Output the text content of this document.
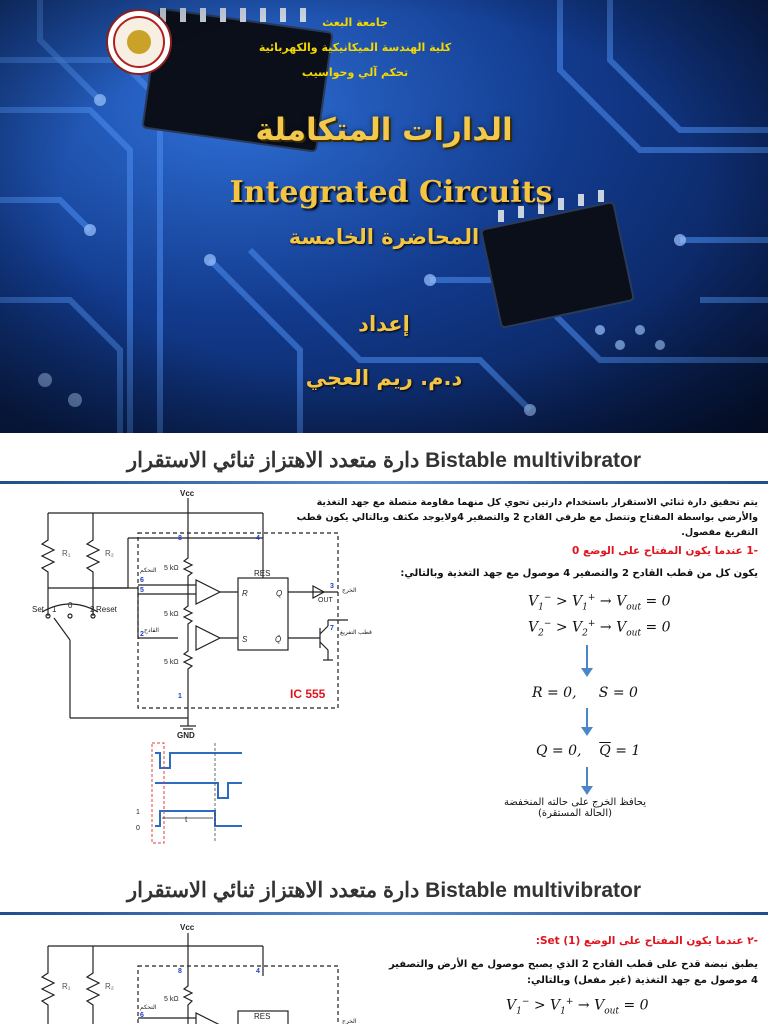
جامعة البعث
كلية الهندسة الميكانيكية والكهربائية
تحكم آلي وحواسيب
الدارات المتكاملة
Integrated Circuits
المحاضرة الخامسة
إعداد
د.م. ريم العجي
دارة متعدد الاهتزاز ثنائي الاستقرار Bistable multivibrator
Vcc
GND
R₁	R₂
Set	Reset
0
1	2
5 kΩ
5 kΩ
5 kΩ
RES
R
S
Q
Q̄
OUT
التحكم
القادح
الخرج
قطب التفريغ
8	4
6
5
2
3
7
1	IC 555
1
0
t
يتم تحقيق دارة ثنائي الاستقرار باستخدام دارتين تحوي كل منهما مقاومة متصلة مع جهد التغذية والأرضي بواسطة المفتاح وتتصل مع طرفي القادح 2 والتصفير 4ولايوجد مكثف وبالتالي يكون قطب التفريغ مفصول.
-1 عندما يكون المفتاح على الوضع 0
يكون كل من قطب القادح 2 والتصفير 4 موصول مع جهد التغذية وبالتالي:
$V_1^- > V_1^+ \to V_{out} = 0$
$V_2^- > V_2^+ \to V_{out} = 0$
R = 0,     S = 0
Q = 0,    $\overline{Q} = 1$
يحافظ الخرج على حالته المنخفضة
(الحالة المستقرة)
دارة متعدد الاهتزاز ثنائي الاستقرار Bistable multivibrator
Vcc
R₁	R₂
5 kΩ
RES
التحكم
الخرج
8	4
6
-٢ عندما يكون المفتاح على الوضع (1) Set:
يطبق نبضة قدح على قطب القادح 2 الذي يصبح موصول مع الأرض والتصفير 4 موصول مع جهد التغذية (غير مفعل) وبالتالي:
$V_1^- > V_1^+ \to V_{out} = 0$
